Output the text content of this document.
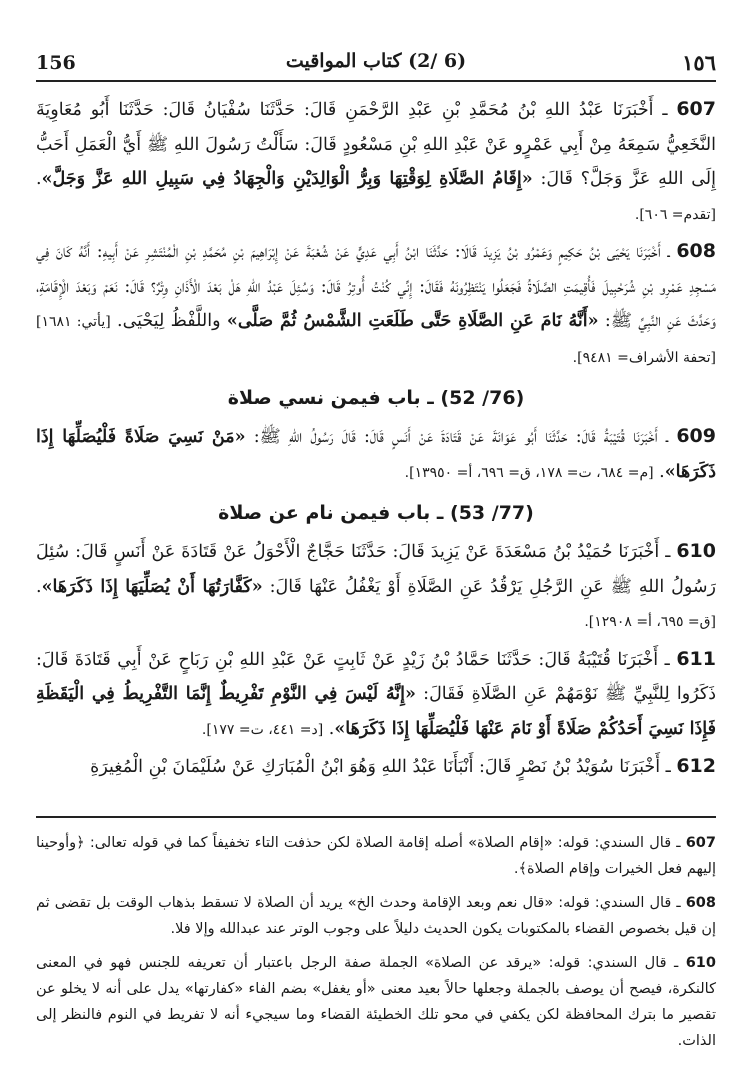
١٥٦
(6 /2) كتاب المواقيت
156

607 ـ أَخْبَرَنَا عَبْدُ اللهِ بْنُ مُحَمَّدِ بْنِ عَبْدِ الرَّحْمَنِ قَالَ: حَدَّثَنَا سُفْيَانُ قَالَ: حَدَّثَنَا أَبُو مُعَاوِيَةَ النَّخَعِيُّ سَمِعَهُ مِنْ أَبِي عَمْرٍو عَنْ عَبْدِ اللهِ بْنِ مَسْعُودٍ قَالَ: سَأَلْتُ رَسُولَ اللهِ ﷺ أَيُّ الْعَمَلِ أَحَبُّ إِلَى اللهِ عَزَّ وَجَلَّ؟ قَالَ: «إِقَامُ الصَّلَاةِ لِوَقْتِهَا وَبِرُّ الْوَالِدَيْنِ وَالْجِهَادُ فِي سَبِيلِ اللهِ عَزَّ وَجَلَّ». [تقدم= ٦٠٦].

608 ـ أَخْبَرَنَا يَحْيَى بْنُ حَكِيمٍ وَعَمْرُو بْنُ يَزِيدَ قَالَا: حَدَّثَنَا ابْنُ أَبِي عَدِيٍّ عَنْ شُعْبَةَ عَنْ إِبْرَاهِيمَ بْنِ مُحَمَّدِ بْنِ الْمُنْتَشِرِ عَنْ أَبِيهِ: أَنَّهُ كَانَ فِي مَسْجِدِ عَمْرِو بْنِ شُرَحْبِيلَ فَأُقِيمَتِ الصَّلَاةُ فَجَعَلُوا يَنْتَظِرُونَهُ فَقَالَ: إِنِّي كُنْتُ أُوتِرُ قَالَ: وَسُئِلَ عَبْدُ اللهِ هَلْ بَعْدَ الْأَذَانِ وِتْرٌ؟ قَالَ: نَعَمْ وَبَعْدَ الْإِقَامَةِ، وَحَدَّثَ عَنِ النَّبِيِّ ﷺ: «أَنَّهُ نَامَ عَنِ الصَّلَاةِ حَتَّى طَلَعَتِ الشَّمْسُ ثُمَّ صَلَّى» واللَّفْظُ لِيَحْيَى. [يأتي: ١٦٨١] [تحفة الأشراف= ٩٤٨١].

(76/ 52) ـ باب فيمن نسي صلاة

609 ـ أَخْبَرَنَا قُتَيْبَةُ قَالَ: حَدَّثَنَا أَبُو عَوَانَةَ عَنْ قَتَادَةَ عَنْ أَنَسٍ قَالَ: قَالَ رَسُولُ اللهِ ﷺ: «مَنْ نَسِيَ صَلَاةً فَلْيُصَلِّهَا إِذَا ذَكَرَهَا». [م= ٦٨٤، ت= ١٧٨، ق= ٦٩٦، أ= ١٣٩٥٠].

(77/ 53) ـ باب فيمن نام عن صلاة

610 ـ أَخْبَرَنَا حُمَيْدُ بْنُ مَسْعَدَةَ عَنْ يَزِيدَ قَالَ: حَدَّثَنَا حَجَّاجٌ الْأَحْوَلُ عَنْ قَتَادَةَ عَنْ أَنَسٍ قَالَ: سُئِلَ رَسُولُ اللهِ ﷺ عَنِ الرَّجُلِ يَرْقُدُ عَنِ الصَّلَاةِ أَوْ يَغْفُلُ عَنْهَا قَالَ: «كَفَّارَتُهَا أَنْ يُصَلِّيَهَا إِذَا ذَكَرَهَا». [ق= ٦٩٥، أ= ١٢٩٠٨].

611 ـ أَخْبَرَنَا قُتَيْبَةُ قَالَ: حَدَّثَنَا حَمَّادُ بْنُ زَيْدٍ عَنْ ثَابِتٍ عَنْ عَبْدِ اللهِ بْنِ رَبَاحٍ عَنْ أَبِي قَتَادَةَ قَالَ: ذَكَرُوا لِلنَّبِيِّ ﷺ نَوْمَهُمْ عَنِ الصَّلَاةِ فَقَالَ: «إِنَّهُ لَيْسَ فِي النَّوْمِ تَفْرِيطٌ إِنَّمَا التَّفْرِيطُ فِي الْيَقَظَةِ فَإِذَا نَسِيَ أَحَدُكُمْ صَلَاةً أَوْ نَامَ عَنْهَا فَلْيُصَلِّهَا إِذَا ذَكَرَهَا». [د= ٤٤١، ت= ١٧٧].

612 ـ أَخْبَرَنَا سُوَيْدُ بْنُ نَصْرٍ قَالَ: أَنْبَأَنَا عَبْدُ اللهِ وَهُوَ ابْنُ الْمُبَارَكِ عَنْ سُلَيْمَانَ بْنِ الْمُغِيرَةِ

607 ـ قال السندي: قوله: «إقام الصلاة» أصله إقامة الصلاة لكن حذفت التاء تخفيفاً كما في قوله تعالى: ﴿وأوحينا إليهم فعل الخيرات وإقام الصلاة﴾.

608 ـ قال السندي: قوله: «قال نعم وبعد الإقامة وحدث الخ» يريد أن الصلاة لا تسقط بذهاب الوقت بل تقضى ثم إن قيل بخصوص القضاء بالمكتوبات يكون الحديث دليلاً على وجوب الوتر عند عبدالله وإلا فلا.

610 ـ قال السندي: قوله: «يرقد عن الصلاة» الجملة صفة الرجل باعتبار أن تعريفه للجنس فهو في المعنى كالنكرة، فيصح أن يوصف بالجملة وجعلها حالاً بعيد معنى «أو يغفل» بضم الفاء «كفارتها» يدل على أنه لا يخلو عن تقصير ما بترك المحافظة لكن يكفي في محو تلك الخطيئة القضاء وما سيجيء أنه لا تفريط في النوم فالنظر إلى الذات.
